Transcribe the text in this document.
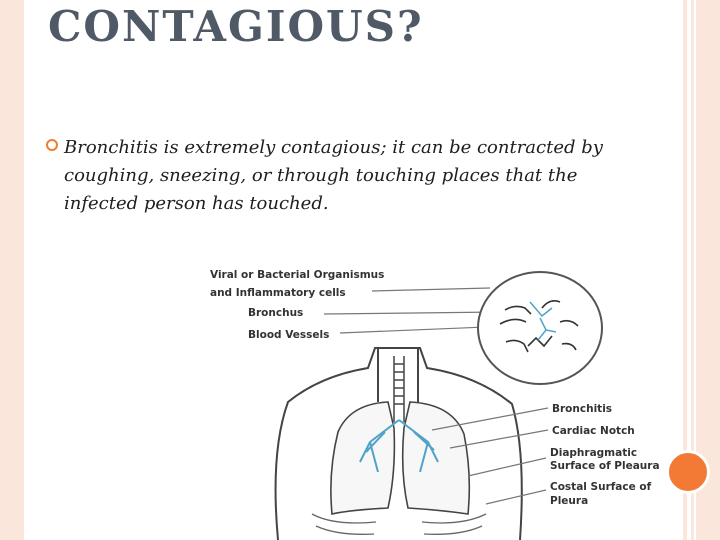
CONTAGIOUS?

Bronchitis is extremely contagious; it can be contracted by coughing, sneezing, or through touching places that the infected person has touched.

Viral or Bacterial Organismus
and Inflammatory cells
Bronchus
Blood Vessels
Bronchitis
Cardiac Notch
Diaphragmatic
Surface of Pleaura
Costal Surface of
Pleura
